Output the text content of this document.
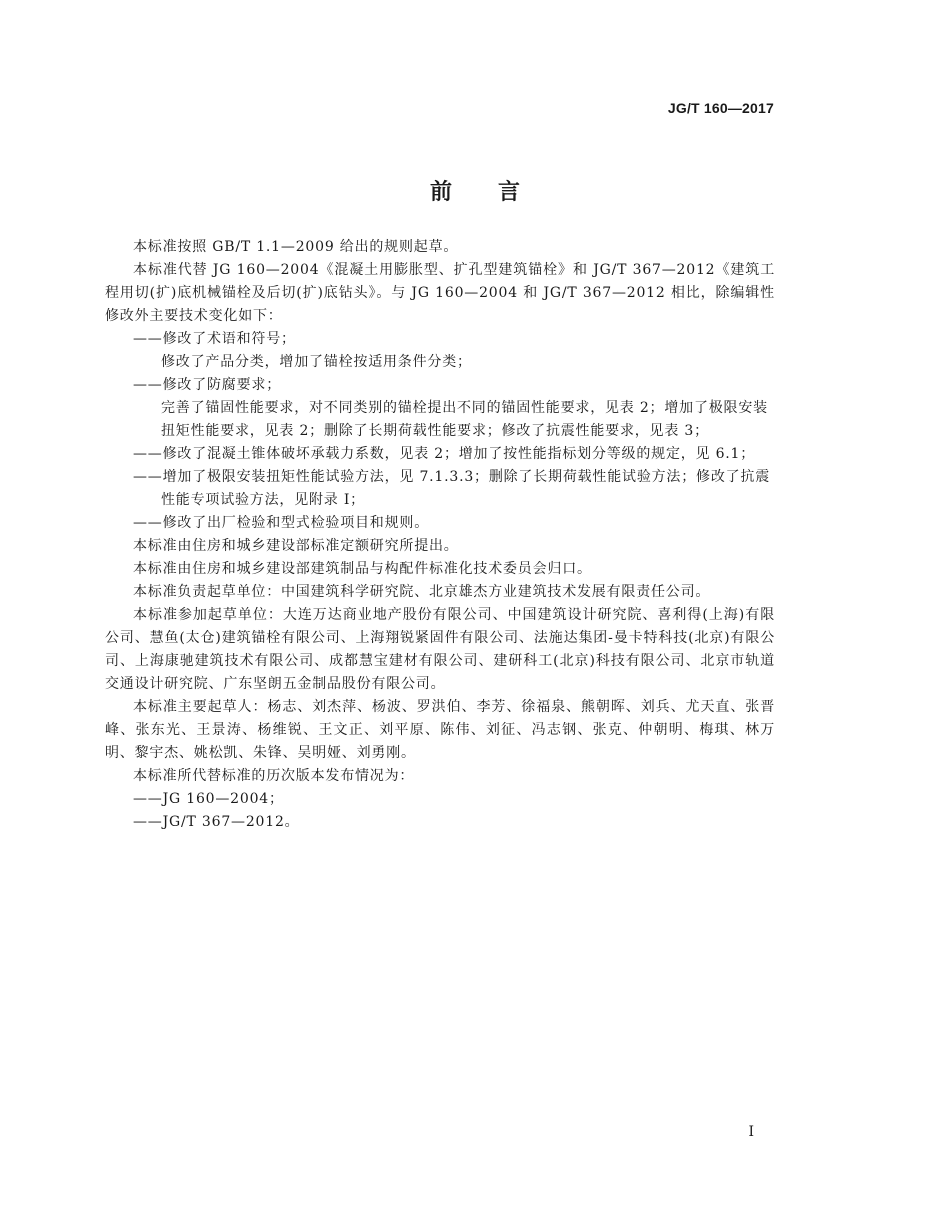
JG/T 160—2017
前 言

本标准按照 GB/T 1.1—2009 给出的规则起草。

本标准代替 JG 160—2004《混凝土用膨胀型、扩孔型建筑锚栓》和 JG/T 367—2012《建筑工程用切(扩)底机械锚栓及后切(扩)底钻头》。与 JG 160—2004 和 JG/T 367—2012 相比，除编辑性修改外主要技术变化如下：

——修改了术语和符号；

修改了产品分类，增加了锚栓按适用条件分类；

——修改了防腐要求；

完善了锚固性能要求，对不同类别的锚栓提出不同的锚固性能要求，见表 2；增加了极限安装扭矩性能要求，见表 2；删除了长期荷载性能要求；修改了抗震性能要求，见表 3；

——修改了混凝土锥体破坏承载力系数，见表 2；增加了按性能指标划分等级的规定，见 6.1；

——增加了极限安装扭矩性能试验方法，见 7.1.3.3；删除了长期荷载性能试验方法；修改了抗震性能专项试验方法，见附录 I；

——修改了出厂检验和型式检验项目和规则。

本标准由住房和城乡建设部标准定额研究所提出。

本标准由住房和城乡建设部建筑制品与构配件标准化技术委员会归口。

本标准负责起草单位：中国建筑科学研究院、北京雄杰方业建筑技术发展有限责任公司。

本标准参加起草单位：大连万达商业地产股份有限公司、中国建筑设计研究院、喜利得(上海)有限公司、慧鱼(太仓)建筑锚栓有限公司、上海翔锐紧固件有限公司、法施达集团-曼卡特科技(北京)有限公司、上海康驰建筑技术有限公司、成都慧宝建材有限公司、建研科工(北京)科技有限公司、北京市轨道交通设计研究院、广东坚朗五金制品股份有限公司。

本标准主要起草人：杨志、刘杰萍、杨波、罗洪伯、李芳、徐福泉、熊朝晖、刘兵、尤天直、张晋峰、张东光、王景涛、杨维锐、王文正、刘平原、陈伟、刘征、冯志钢、张克、仲朝明、梅琪、林万明、黎宇杰、姚松凯、朱锋、吴明娅、刘勇刚。

本标准所代替标准的历次版本发布情况为：

——JG 160—2004；

——JG/T 367—2012。

I
